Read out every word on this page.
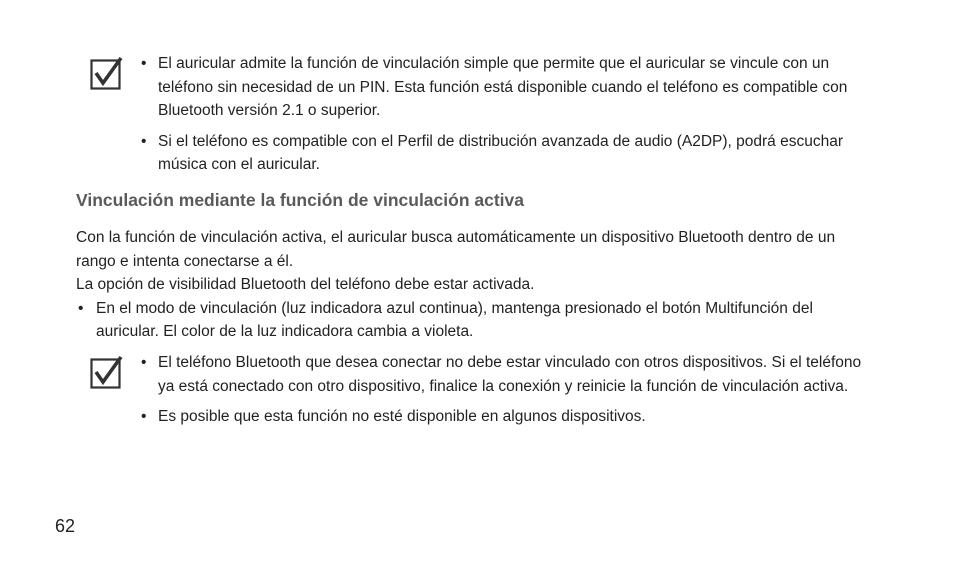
• El auricular admite la función de vinculación simple que permite que el auricular se vincule con un teléfono sin necesidad de un PIN. Esta función está disponible cuando el teléfono es compatible con Bluetooth versión 2.1 o superior.
• Si el teléfono es compatible con el Perfil de distribución avanzada de audio (A2DP), podrá escuchar música con el auricular.
Vinculación mediante la función de vinculación activa

Con la función de vinculación activa, el auricular busca automáticamente un dispositivo Bluetooth dentro de un rango e intenta conectarse a él.

La opción de visibilidad Bluetooth del teléfono debe estar activada.

• En el modo de vinculación (luz indicadora azul continua), mantenga presionado el botón Multifunción del auricular. El color de la luz indicadora cambia a violeta.
• El teléfono Bluetooth que desea conectar no debe estar vinculado con otros dispositivos. Si el teléfono ya está conectado con otro dispositivo, finalice la conexión y reinicie la función de vinculación activa.
• Es posible que esta función no esté disponible en algunos dispositivos.
62
